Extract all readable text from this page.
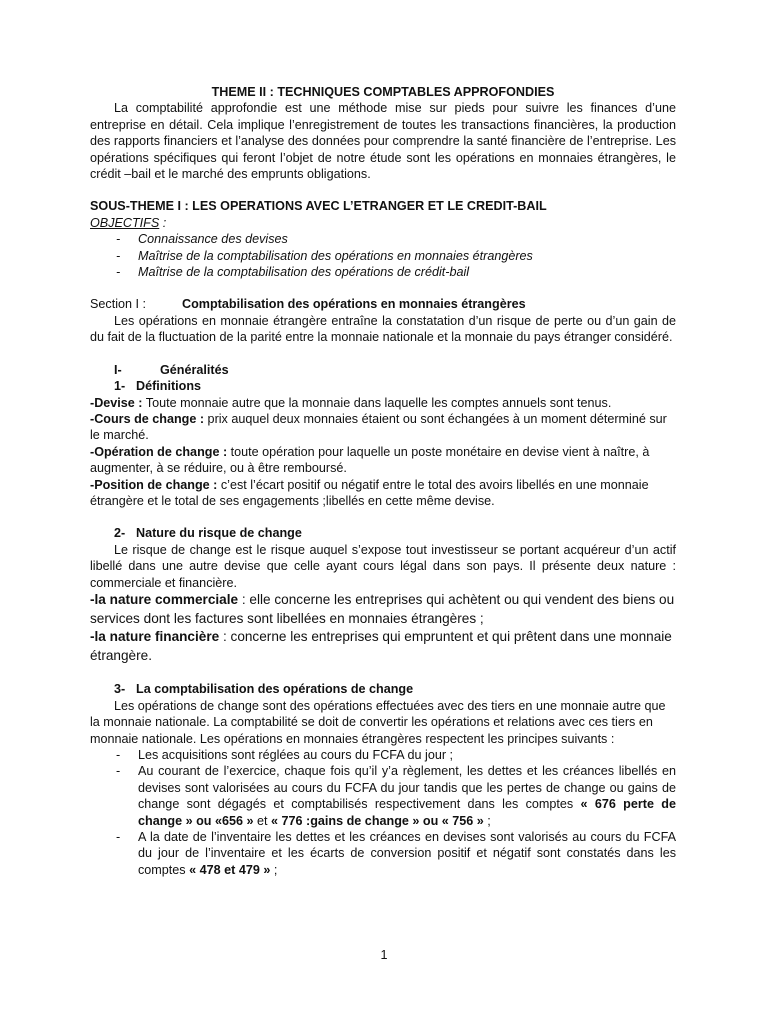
THEME II : TECHNIQUES COMPTABLES APPROFONDIES

La comptabilité approfondie est une méthode mise sur pieds pour suivre les finances d’une entreprise en détail. Cela implique l’enregistrement de toutes les transactions financières, la production des rapports financiers et l’analyse des données pour comprendre la santé financière de l’entreprise. Les opérations spécifiques qui feront l’objet de notre étude sont les opérations en monnaies étrangères, le crédit –bail et le marché des emprunts obligations.

SOUS-THEME I : LES OPERATIONS AVEC L’ETRANGER ET LE CREDIT-BAIL

OBJECTIFS :

- Connaissance des devises
- Maîtrise de la comptabilisation des opérations en monnaies étrangères
- Maîtrise de la comptabilisation des opérations de crédit-bail

Section I :	Comptabilisation des opérations en monnaies étrangères

Les opérations en monnaie étrangère entraîne la constatation d’un risque de perte ou d’un gain de du fait de la fluctuation de la parité entre la monnaie nationale et la monnaie du pays étranger considéré.

I-	Généralités

1- Définitions

-Devise : Toute monnaie autre que la monnaie dans laquelle les comptes annuels sont tenus.

-Cours de change : prix auquel deux monnaies étaient ou sont échangées à un moment déterminé sur le marché.

-Opération de change : toute opération pour laquelle un poste monétaire en devise vient à naître, à augmenter, à se réduire, ou à être remboursé.

-Position de change : c’est l’écart positif ou négatif entre le total des avoirs libellés en une monnaie étrangère et le total de ses engagements ;libellés en cette même devise.

2- Nature du risque de change

Le risque de change est le risque auquel s’expose tout investisseur se portant acquéreur d’un actif libellé dans une autre devise que celle ayant cours légal dans son pays. Il présente deux nature : commerciale et financière.

-la nature commerciale : elle concerne les entreprises qui achètent ou qui vendent des biens ou services dont les factures sont libellées en monnaies étrangères ;

-la nature financière : concerne les entreprises qui empruntent et qui prêtent dans une monnaie étrangère.

3- La comptabilisation des opérations de change

Les opérations de change sont des opérations effectuées avec des tiers en une monnaie autre que la monnaie nationale. La comptabilité se doit de convertir les opérations et relations avec ces tiers en monnaie nationale. Les opérations en monnaies étrangères respectent les principes suivants :

- Les acquisitions sont réglées au cours du FCFA du jour ;
- Au courant de l’exercice, chaque fois qu’il y’a règlement, les dettes et les créances libellés en devises sont valorisées au cours du FCFA du jour tandis que les pertes de change ou gains de change sont dégagés et comptabilisés respectivement dans les comptes « 676 perte de change » ou «656 » et « 776 :gains de change » ou « 756 » ;
- A la date de l’inventaire les dettes et les créances en devises sont valorisés au cours du FCFA du jour de l’inventaire et les écarts de conversion positif et négatif sont constatés dans les comptes « 478 et 479 » ;
1
